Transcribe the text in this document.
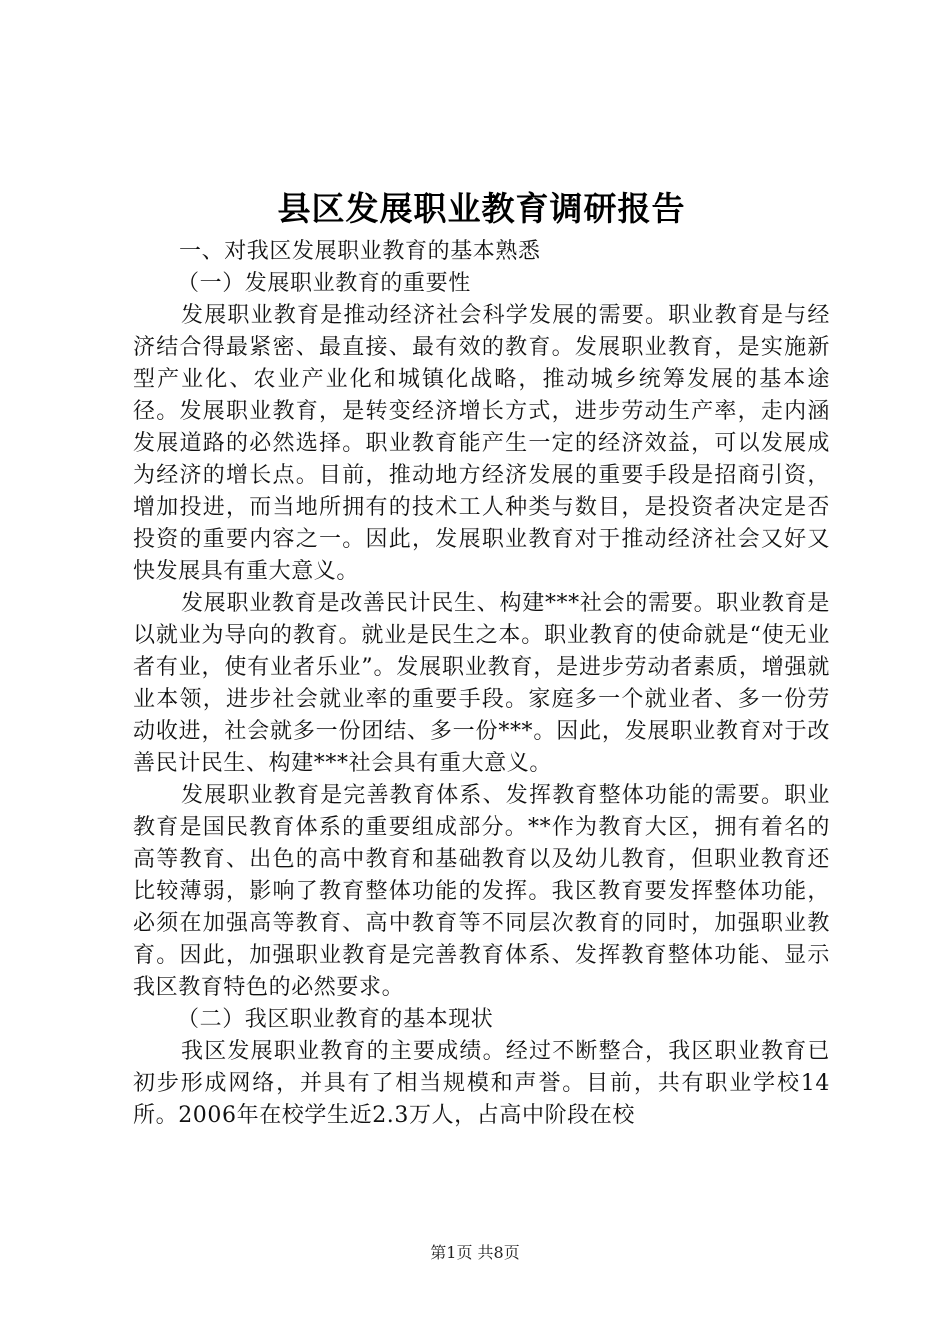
县区发展职业教育调研报告

一、对我区发展职业教育的基本熟悉

（一）发展职业教育的重要性

发展职业教育是推动经济社会科学发展的需要。职业教育是与经济结合得最紧密、最直接、最有效的教育。发展职业教育，是实施新型产业化、农业产业化和城镇化战略，推动城乡统筹发展的基本途径。发展职业教育，是转变经济增长方式，进步劳动生产率，走内涵发展道路的必然选择。职业教育能产生一定的经济效益，可以发展成为经济的增长点。目前，推动地方经济发展的重要手段是招商引资，增加投进，而当地所拥有的技术工人种类与数目，是投资者决定是否投资的重要内容之一。因此，发展职业教育对于推动经济社会又好又快发展具有重大意义。

发展职业教育是改善民计民生、构建***社会的需要。职业教育是以就业为导向的教育。就业是民生之本。职业教育的使命就是“使无业者有业，使有业者乐业”。发展职业教育，是进步劳动者素质，增强就业本领，进步社会就业率的重要手段。家庭多一个就业者、多一份劳动收进，社会就多一份团结、多一份***。因此，发展职业教育对于改善民计民生、构建***社会具有重大意义。

发展职业教育是完善教育体系、发挥教育整体功能的需要。职业教育是国民教育体系的重要组成部分。**作为教育大区，拥有着名的高等教育、出色的高中教育和基础教育以及幼儿教育，但职业教育还比较薄弱，影响了教育整体功能的发挥。我区教育要发挥整体功能，必须在加强高等教育、高中教育等不同层次教育的同时，加强职业教育。因此，加强职业教育是完善教育体系、发挥教育整体功能、显示我区教育特色的必然要求。

（二）我区职业教育的基本现状

我区发展职业教育的主要成绩。经过不断整合，我区职业教育已初步形成网络，并具有了相当规模和声誉。目前，共有职业学校14所。2006年在校学生近2.3万人，占高中阶段在校

第1页 共8页
